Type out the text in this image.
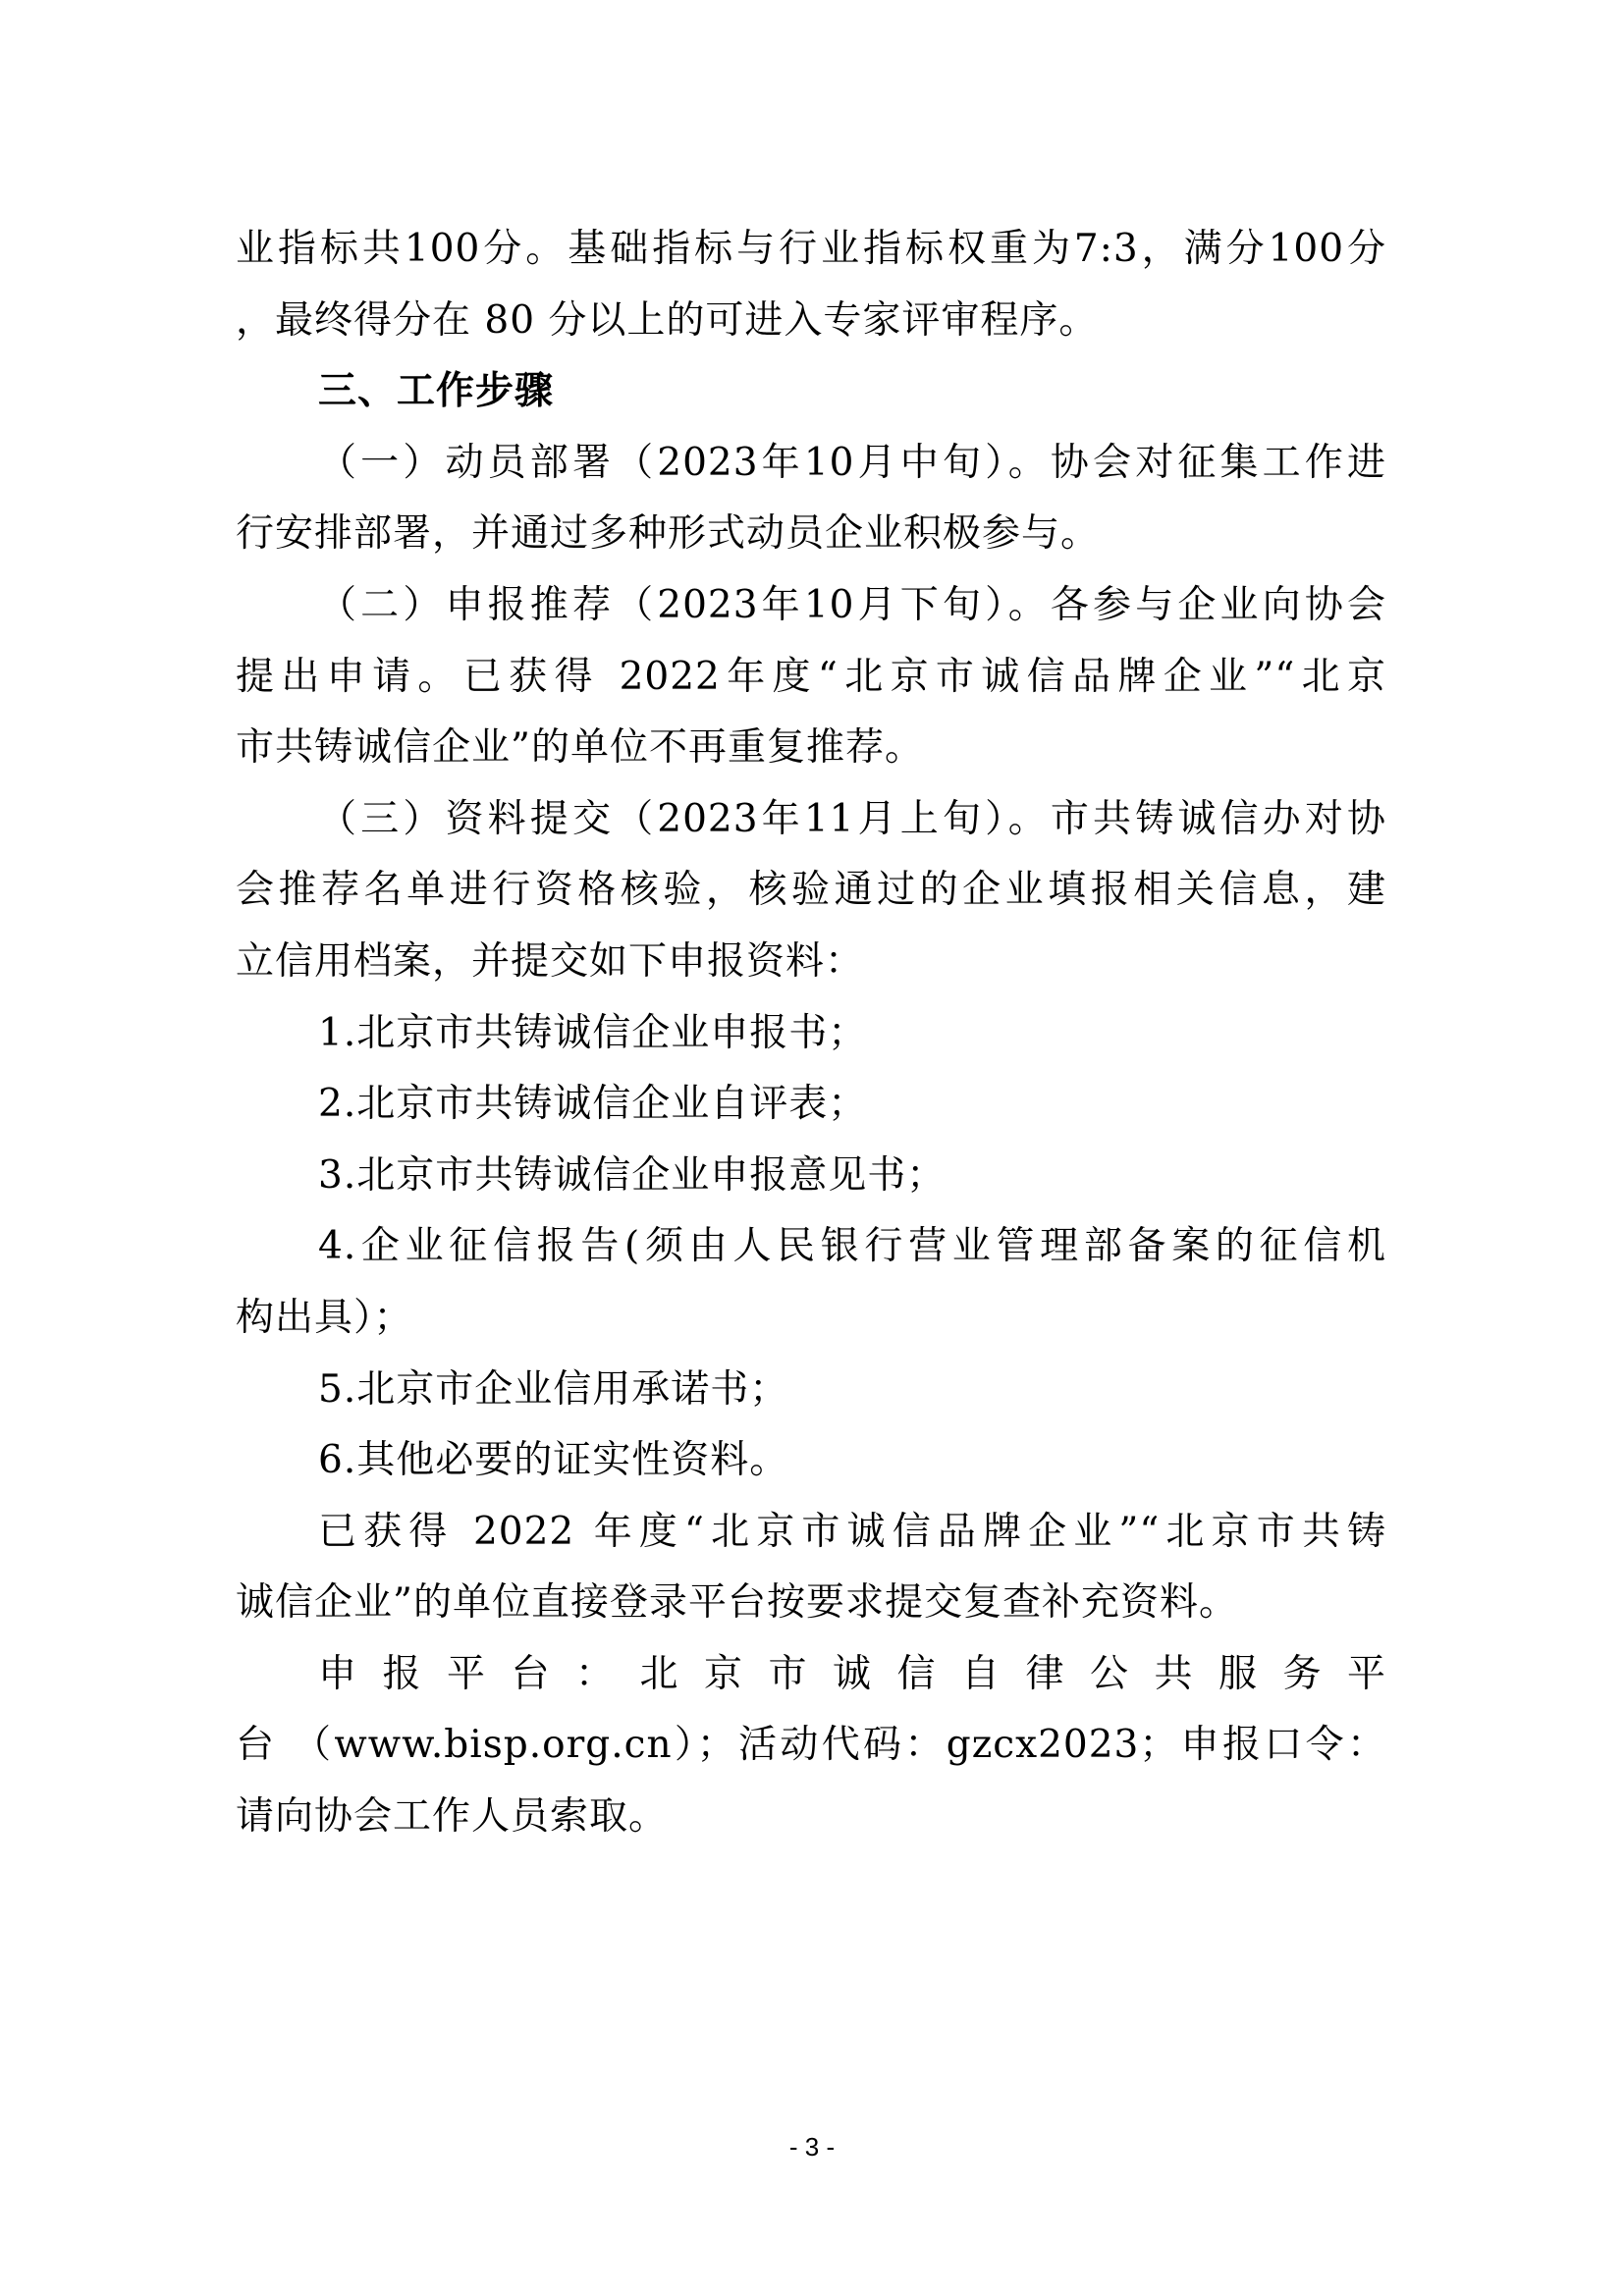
业指标共100分。基础指标与行业指标权重为7:3，满分100分
，最终得分在 80 分以上的可进入专家评审程序。
三、工作步骤
（一）动员部署（2023年10月中旬）。协会对征集工作进
行安排部署，并通过多种形式动员企业积极参与。
（二）申报推荐（2023年10月下旬）。各参与企业向协会
提出申请。已获得 2022年度“北京市诚信品牌企业”“北京
市共铸诚信企业”的单位不再重复推荐。
（三）资料提交（2023年11月上旬）。市共铸诚信办对协
会推荐名单进行资格核验，核验通过的企业填报相关信息，建
立信用档案，并提交如下申报资料：
1.北京市共铸诚信企业申报书；
2.北京市共铸诚信企业自评表；
3.北京市共铸诚信企业申报意见书；
4.企业征信报告(须由人民银行营业管理部备案的征信机
构出具）；
5.北京市企业信用承诺书；
6.其他必要的证实性资料。
已获得 2022 年度“北京市诚信品牌企业”“北京市共铸
诚信企业”的单位直接登录平台按要求提交复查补充资料。
申报平台：北京市诚信自律公共服务平
台 （www.bisp.org.cn）；活动代码：gzcx2023；申报口令：
请向协会工作人员索取。
- 3 -
